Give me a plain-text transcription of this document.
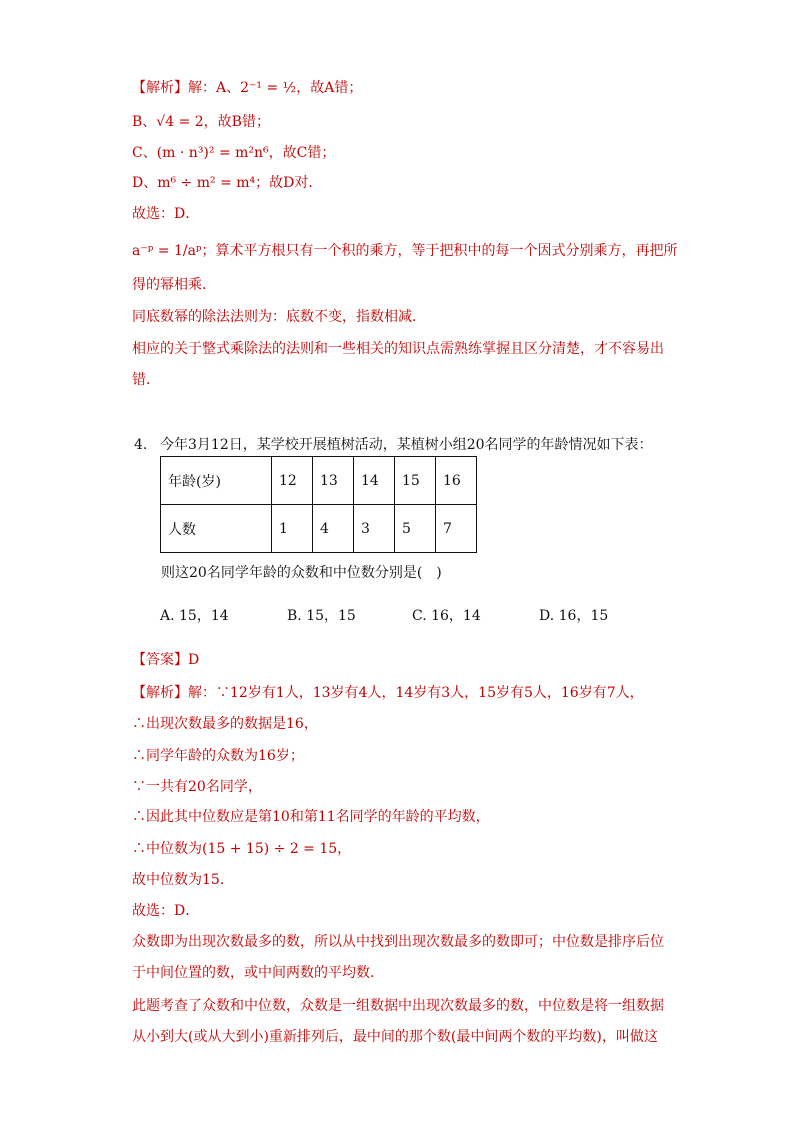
【解析】解：A、2⁻¹ = ½，故A错；
B、√4 = 2，故B错；
C、(m · n³)² = m²n⁶，故C错；
D、m⁶ ÷ m² = m⁴；故D对．
故选：D．
a⁻ᵖ = 1/aᵖ；算术平方根只有一个积的乘方，等于把积中的每一个因式分别乘方，再把所
得的幂相乘．
同底数幂的除法法则为：底数不变，指数相减．
相应的关于整式乘除法的法则和一些相关的知识点需熟练掌握且区分清楚，才不容易出
错．
4. 今年3月12日，某学校开展植树活动，某植树小组20名同学的年龄情况如下表：
年龄(岁)	12	13	14	15	16
人数	1	4	3	5	7
则这20名同学年龄的众数和中位数分别是(　)
A. 15，14	B. 15，15	C. 16，14	D. 16，15
【答案】D
【解析】解：∵12岁有1人，13岁有4人，14岁有3人，15岁有5人，16岁有7人，
∴出现次数最多的数据是16，
∴同学年龄的众数为16岁；
∵一共有20名同学，
∴因此其中位数应是第10和第11名同学的年龄的平均数，
∴中位数为(15 + 15) ÷ 2 = 15，
故中位数为15．
故选：D．
众数即为出现次数最多的数，所以从中找到出现次数最多的数即可；中位数是排序后位
于中间位置的数，或中间两数的平均数．
此题考查了众数和中位数，众数是一组数据中出现次数最多的数，中位数是将一组数据
从小到大(或从大到小)重新排列后，最中间的那个数(最中间两个数的平均数)，叫做这
